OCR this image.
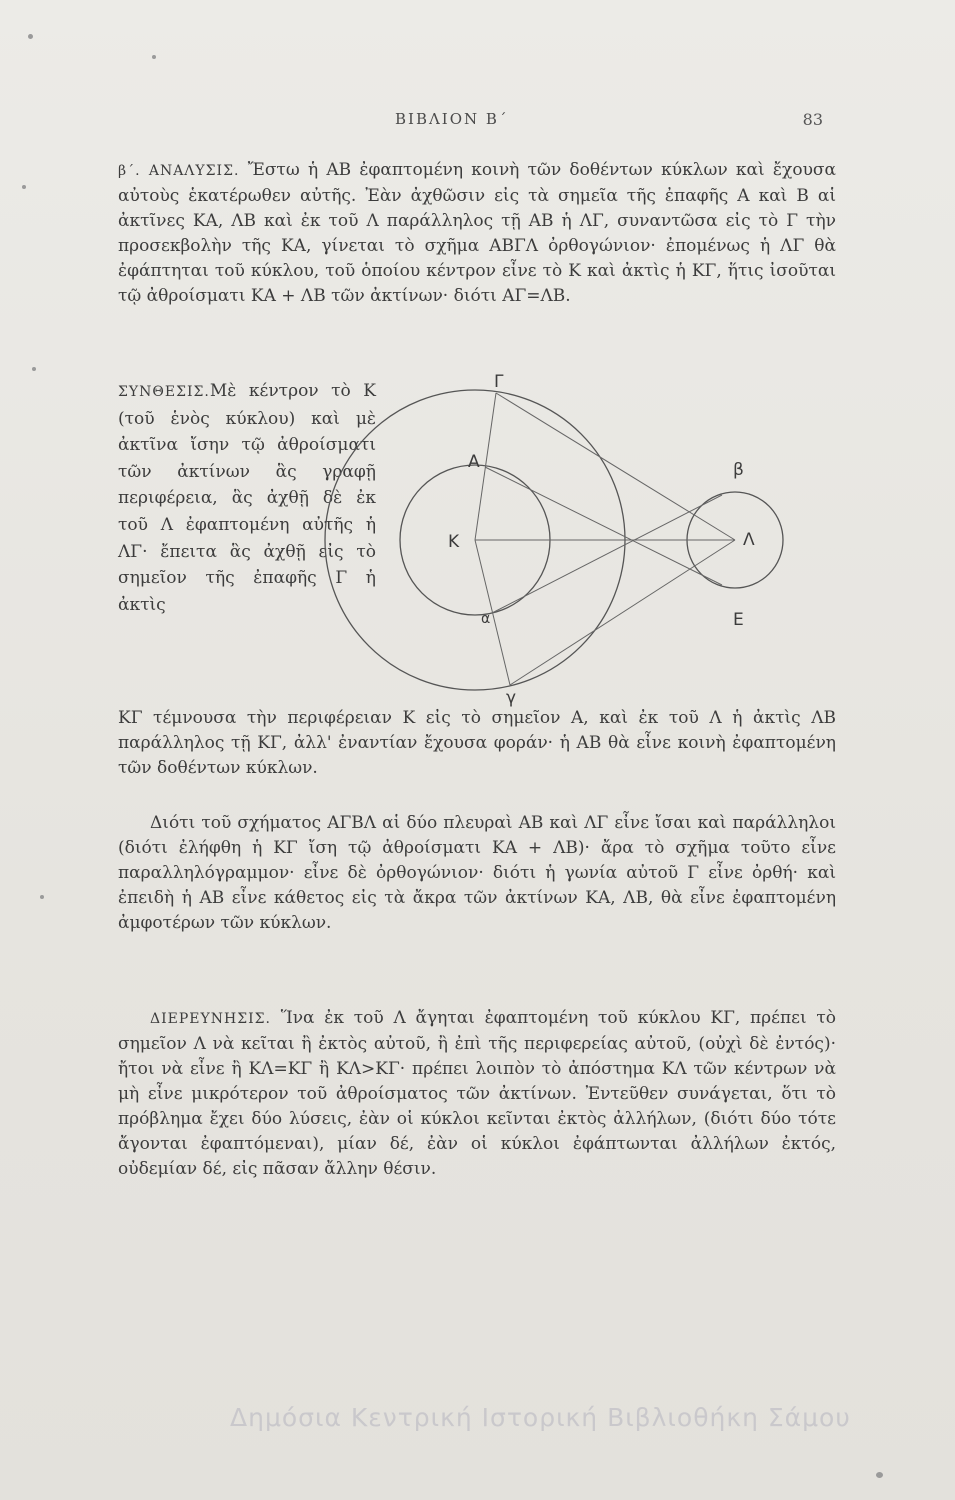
ΒΙΒΛΙΟΝ Β΄	83

β΄. ΑΝΑΛΥΣΙΣ. Ἔστω ἡ ΑΒ ἐφαπτομένη κοινὴ τῶν δοθέντων κύκλων καὶ ἔχουσα αὐτοὺς ἑκατέρωθεν αὐτῆς. Ἐὰν ἀχθῶσιν εἰς τὰ σημεῖα τῆς ἐπαφῆς Α καὶ Β αἱ ἀκτῖνες ΚΑ, ΛΒ καὶ ἐκ τοῦ Λ παράλληλος τῇ ΑΒ ἡ ΛΓ, συναντῶσα εἰς τὸ Γ τὴν προσεκβολὴν τῆς ΚΑ, γίνεται τὸ σχῆμα ΑΒΓΛ ὀρθογώνιον· ἐπομένως ἡ ΛΓ θὰ ἐφάπτηται τοῦ κύκλου, τοῦ ὁποίου κέντρον εἶνε τὸ Κ καὶ ἀκτὶς ἡ ΚΓ, ἥτις ἰσοῦται τῷ ἀθροίσματι ΚΑ + ΛΒ τῶν ἀκτίνων· διότι ΑΓ=ΛΒ.

ΣΥΝΘΕΣΙΣ.Μὲ κέντρον τὸ Κ (τοῦ ἑνὸς κύκλου) καὶ μὲ ἀκτῖνα ἴσην τῷ ἀθροίσματι τῶν ἀκτίνων ἃς γραφῇ περιφέρεια, ἃς ἀχθῇ δὲ ἐκ τοῦ Λ ἐφαπτομένη αὐτῆς ἡ ΛΓ· ἔπειτα ἃς ἀχθῇ εἰς τὸ σημεῖον τῆς ἐπαφῆς Γ ἡ ἀκτὶς

Γ
Α
Κ
β
Λ
Ε
α
γ

ΚΓ τέμνουσα τὴν περιφέρειαν Κ εἰς τὸ σημεῖον Α, καὶ ἐκ τοῦ Λ ἡ ἀκτὶς ΛΒ παράλληλος τῇ ΚΓ, ἀλλ' ἐναντίαν ἔχουσα φοράν· ἡ ΑΒ θὰ εἶνε κοινὴ ἐφαπτομένη τῶν δοθέντων κύκλων.

Διότι τοῦ σχήματος ΑΓΒΛ αἱ δύο πλευραὶ ΑΒ καὶ ΛΓ εἶνε ἴσαι καὶ παράλληλοι (διότι ἐλήφθη ἡ ΚΓ ἴση τῷ ἀθροίσματι ΚΑ + ΛΒ)· ἄρα τὸ σχῆμα τοῦτο εἶνε παραλληλόγραμμον· εἶνε δὲ ὀρθογώνιον· διότι ἡ γωνία αὐτοῦ Γ εἶνε ὀρθή· καὶ ἐπειδὴ ἡ ΑΒ εἶνε κάθετος εἰς τὰ ἄκρα τῶν ἀκτίνων ΚΑ, ΛΒ, θὰ εἶνε ἐφαπτομένη ἀμφοτέρων τῶν κύκλων.

ΔΙΕΡΕΥΝΗΣΙΣ. Ἵνα ἐκ τοῦ Λ ἄγηται ἐφαπτομένη τοῦ κύκλου ΚΓ, πρέπει τὸ σημεῖον Λ νὰ κεῖται ἢ ἐκτὸς αὐτοῦ, ἢ ἐπὶ τῆς περιφερείας αὐτοῦ, (οὐχὶ δὲ ἐντός)· ἤτοι νὰ εἶνε ἢ ΚΛ=ΚΓ ἢ ΚΛ>ΚΓ· πρέπει λοιπὸν τὸ ἀπόστημα ΚΛ τῶν κέντρων νὰ μὴ εἶνε μικρότερον τοῦ ἀθροίσματος τῶν ἀκτίνων. Ἐντεῦθεν συνάγεται, ὅτι τὸ πρόβλημα ἔχει δύο λύσεις, ἐὰν οἱ κύκλοι κεῖνται ἐκτὸς ἀλλήλων, (διότι δύο τότε ἄγονται ἐφαπτόμεναι), μίαν δέ, ἐὰν οἱ κύκλοι ἐφάπτωνται ἀλλήλων ἐκτός, οὐδεμίαν δέ, εἰς πᾶσαν ἄλλην θέσιν.

Δημόσια Κεντρική Ιστορική Βιβλιοθήκη Σάμου
